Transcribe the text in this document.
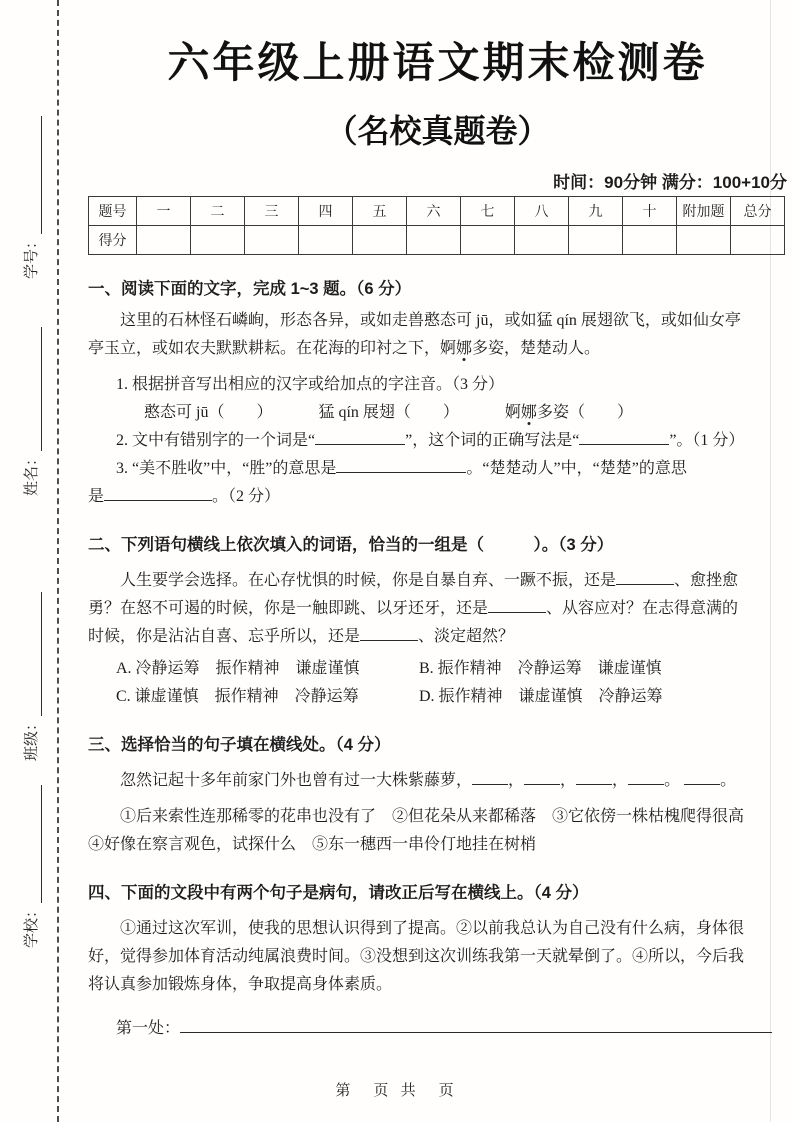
学校：
班级：
姓名：
学号：
六年级上册语文期末检测卷
（名校真题卷）
时间：90分钟 满分：100+10分
题号	一	二	三	四	五	六	七	八	九	十	附加题	总分
得分												
一、阅读下面的文字，完成 1~3 题。（6 分）
这里的石林怪石嶙峋，形态各异，或如走兽憨态可 jū，或如猛 qín 展翅欲飞，或如仙女亭
亭玉立，或如农夫默默耕耘。在花海的印衬之下，婀娜多姿，楚楚动人。
1. 根据拼音写出相应的汉字或给加点的字注音。（3 分）
憨态可 jū（　　）	猛 qín 展翅（　　）	婀娜多姿（　　）
2. 文中有错别字的一个词是“	”，这个词的正确写法是“	”。（1 分）
3. “美不胜收”中，“胜”的意思是	。“楚楚动人”中，“楚楚”的意思
是	。（2 分）
二、下列语句横线上依次填入的词语，恰当的一组是（　　　）。（3 分）
人生要学会选择。在心存忧惧的时候，你是自暴自弃、一蹶不振，还是	、愈挫愈
勇？在怒不可遏的时候，你是一触即跳、以牙还牙，还是	、从容应对？在志得意满的
时候，你是沾沾自喜、忘乎所以，还是	、淡定超然？
A. 冷静运筹　振作精神　谦虚谨慎	B. 振作精神　冷静运筹　谦虚谨慎
C. 谦虚谨慎　振作精神　冷静运筹	D. 振作精神　谦虚谨慎　冷静运筹
三、选择恰当的句子填在横线处。（4 分）
忽然记起十多年前家门外也曾有过一大株紫藤萝， ， ， ， 。	。
①后来索性连那稀零的花串也没有了　②但花朵从来都稀落　③它依傍一株枯槐爬得很高
④好像在察言观色，试探什么　⑤东一穗西一串伶仃地挂在树梢
四、下面的文段中有两个句子是病句，请改正后写在横线上。（4 分）
①通过这次军训，使我的思想认识得到了提高。②以前我总认为自己没有什么病，身体很
好，觉得参加体育活动纯属浪费时间。③没想到这次训练我第一天就晕倒了。④所以，今后我
将认真参加锻炼身体，争取提高身体素质。
第一处：
第　页 共　页
